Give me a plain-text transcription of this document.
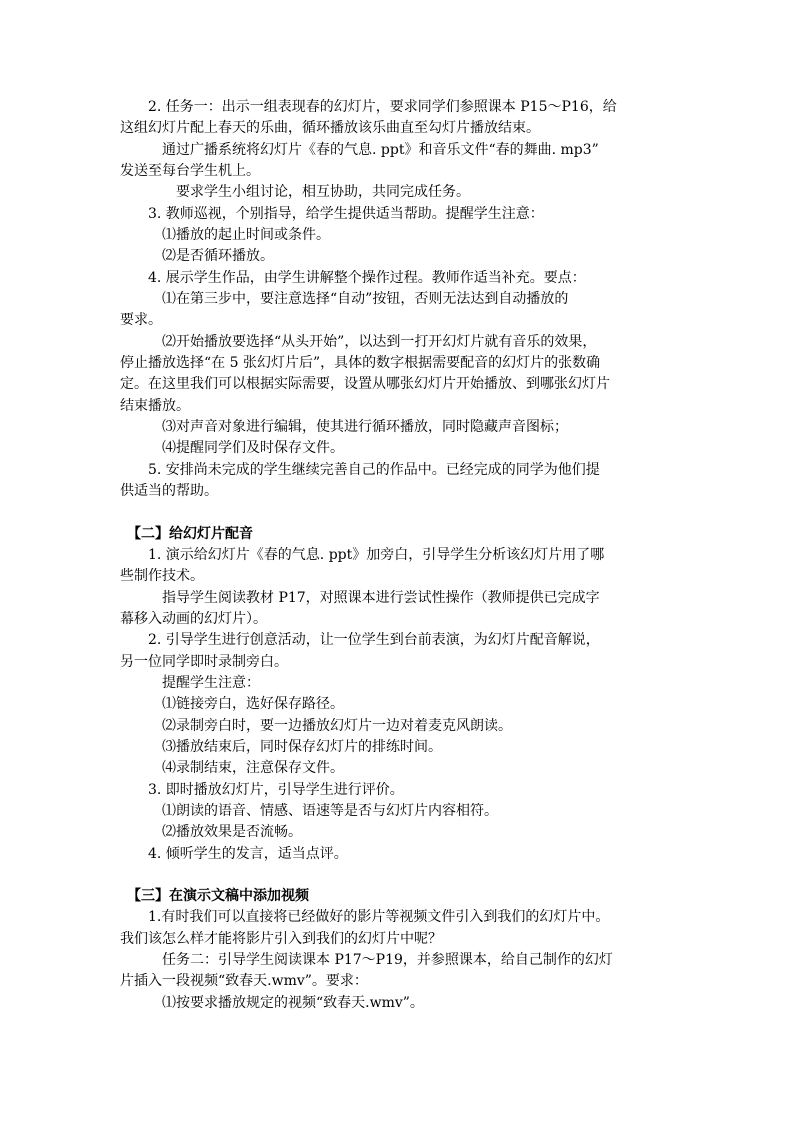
　　2. 任务一：出示一组表现春的幻灯片，要求同学们参照课本 P15～P16，给
这组幻灯片配上春天的乐曲，循环播放该乐曲直至勾灯片播放结束。
　　　通过广播系统将幻灯片《春的气息. ppt》和音乐文件“春的舞曲. mp3”
发送至每台学生机上。
　　　　要求学生小组讨论，相互协助，共同完成任务。
　　3. 教师巡视，个别指导，给学生提供适当帮助。提醒学生注意：
　　　⑴播放的起止时间或条件。
　　　⑵是否循环播放。
　　4. 展示学生作品，由学生讲解整个操作过程。教师作适当补充。要点：
　　　⑴在第三步中，要注意选择“自动”按钮，否则无法达到自动播放的
要求。
　　　⑵开始播放要选择“从头开始”，以达到一打开幻灯片就有音乐的效果，
停止播放选择“在 5 张幻灯片后”，具体的数字根据需要配音的幻灯片的张数确
定。在这里我们可以根据实际需要，设置从哪张幻灯片开始播放、到哪张幻灯片
结束播放。
　　　⑶对声音对象进行编辑，使其进行循环播放，同时隐藏声音图标；
　　　⑷提醒同学们及时保存文件。
　　5. 安排尚未完成的学生继续完善自己的作品中。已经完成的同学为他们提
供适当的帮助。
　【二】给幻灯片配音
　　1. 演示给幻灯片《春的气息. ppt》加旁白，引导学生分析该幻灯片用了哪
些制作技术。
　　　指导学生阅读教材 P17，对照课本进行尝试性操作（教师提供已完成字
幕移入动画的幻灯片）。
　　2. 引导学生进行创意活动，让一位学生到台前表演，为幻灯片配音解说，
另一位同学即时录制旁白。
　　　提醒学生注意：
　　　⑴链接旁白，选好保存路径。
　　　⑵录制旁白时，要一边播放幻灯片一边对着麦克风朗读。
　　　⑶播放结束后，同时保存幻灯片的排练时间。
　　　⑷录制结束，注意保存文件。
　　3. 即时播放幻灯片，引导学生进行评价。
　　　⑴朗读的语音、情感、语速等是否与幻灯片内容相符。
　　　⑵播放效果是否流畅。
　　4. 倾听学生的发言，适当点评。
　【三】在演示文稿中添加视频
　　1.有时我们可以直接将已经做好的影片等视频文件引入到我们的幻灯片中。
我们该怎么样才能将影片引入到我们的幻灯片中呢？
　　　任务二：引导学生阅读课本 P17～P19，并参照课本，给自己制作的幻灯
片插入一段视频“致春天.wmv”。要求：
　　　⑴按要求播放规定的视频“致春天.wmv”。
